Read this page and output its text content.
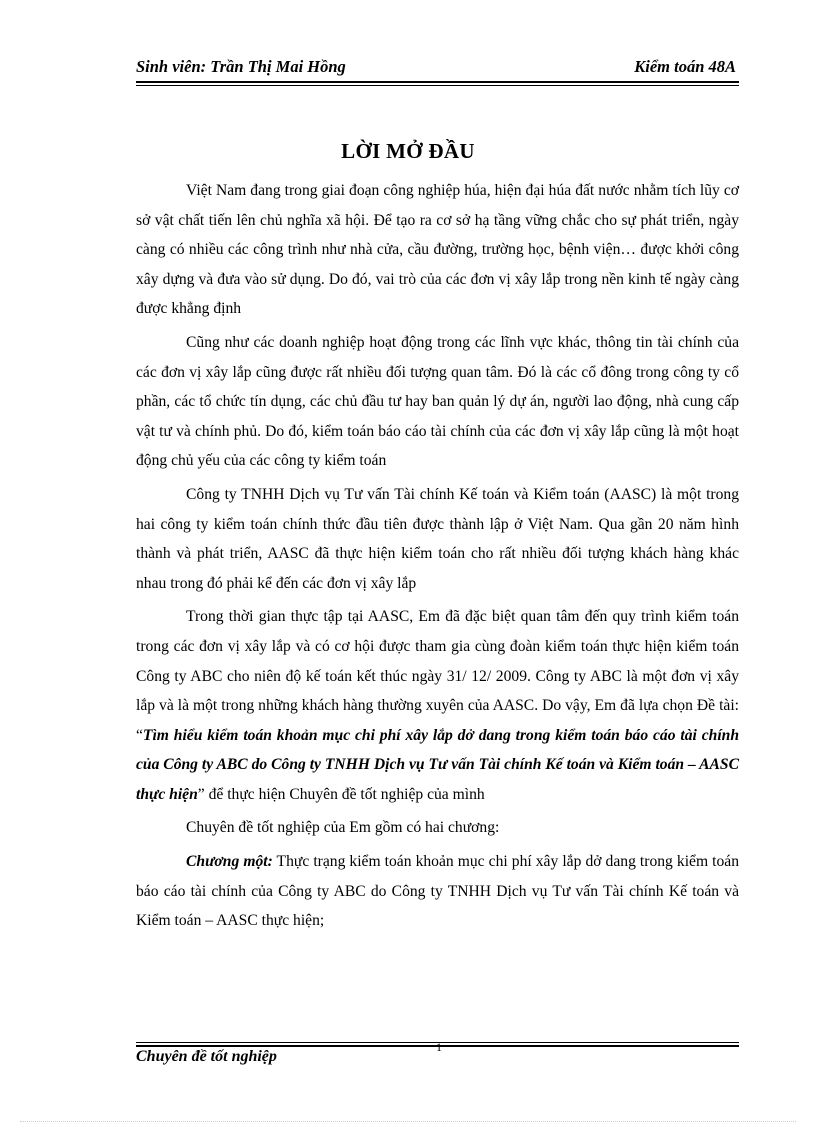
Sinh viên: Trần Thị Mai Hồng	Kiểm toán 48A
LỜI MỞ ĐẦU

Việt Nam đang trong giai đoạn công nghiệp húa, hiện đại húa đất nước nhằm tích lũy cơ sở vật chất tiến lên chủ nghĩa xã hội. Để tạo ra cơ sở hạ tầng vững chắc cho sự phát triển, ngày càng có nhiều các công trình như nhà cửa, cầu đường, trường học, bệnh viện… được khởi công xây dựng và đưa vào sử dụng. Do đó, vai trò của các đơn vị xây lắp trong nền kinh tế ngày càng được khẳng định

Cũng như các doanh nghiệp hoạt động trong các lĩnh vực khác, thông tin tài chính của các đơn vị xây lắp cũng được rất nhiều đối tượng quan tâm. Đó là các cổ đông trong công ty cổ phần, các tổ chức tín dụng, các chủ đầu tư hay ban quản lý dự án, người lao động, nhà cung cấp vật tư và chính phủ. Do đó, kiểm toán báo cáo tài chính của các đơn vị xây lắp cũng là một hoạt động chủ yếu của các công ty kiểm toán

Công ty TNHH Dịch vụ Tư vấn Tài chính Kế toán và Kiểm toán (AASC) là một trong hai công ty kiểm toán chính thức đầu tiên được thành lập ở Việt Nam. Qua gần 20 năm hình thành và phát triển, AASC đã thực hiện kiểm toán cho rất nhiều đối tượng khách hàng khác nhau trong đó phải kể đến các đơn vị xây lắp

Trong thời gian thực tập tại AASC, Em đã đặc biệt quan tâm đến quy trình kiểm toán trong các đơn vị xây lắp và có cơ hội được tham gia cùng đoàn kiểm toán thực hiện kiểm toán Công ty ABC cho niên độ kế toán kết thúc ngày 31/ 12/ 2009. Công ty ABC là một đơn vị xây lắp và là một trong những khách hàng thường xuyên của AASC. Do vậy, Em đã lựa chọn Đề tài: “Tìm hiểu kiểm toán khoản mục chi phí xây lắp dở dang trong kiểm toán báo cáo tài chính của Công ty ABC do Công ty TNHH Dịch vụ Tư vấn Tài chính Kế toán và Kiểm toán – AASC thực hiện” để thực hiện Chuyên đề tốt nghiệp của mình

Chuyên đề tốt nghiệp của Em gồm có hai chương:

Chương một: Thực trạng kiểm toán khoản mục chi phí xây lắp dở dang trong kiểm toán báo cáo tài chính của Công ty ABC do Công ty TNHH Dịch vụ Tư vấn Tài chính Kế toán và Kiểm toán – AASC thực hiện;

1
Chuyên đề tốt nghiệp
